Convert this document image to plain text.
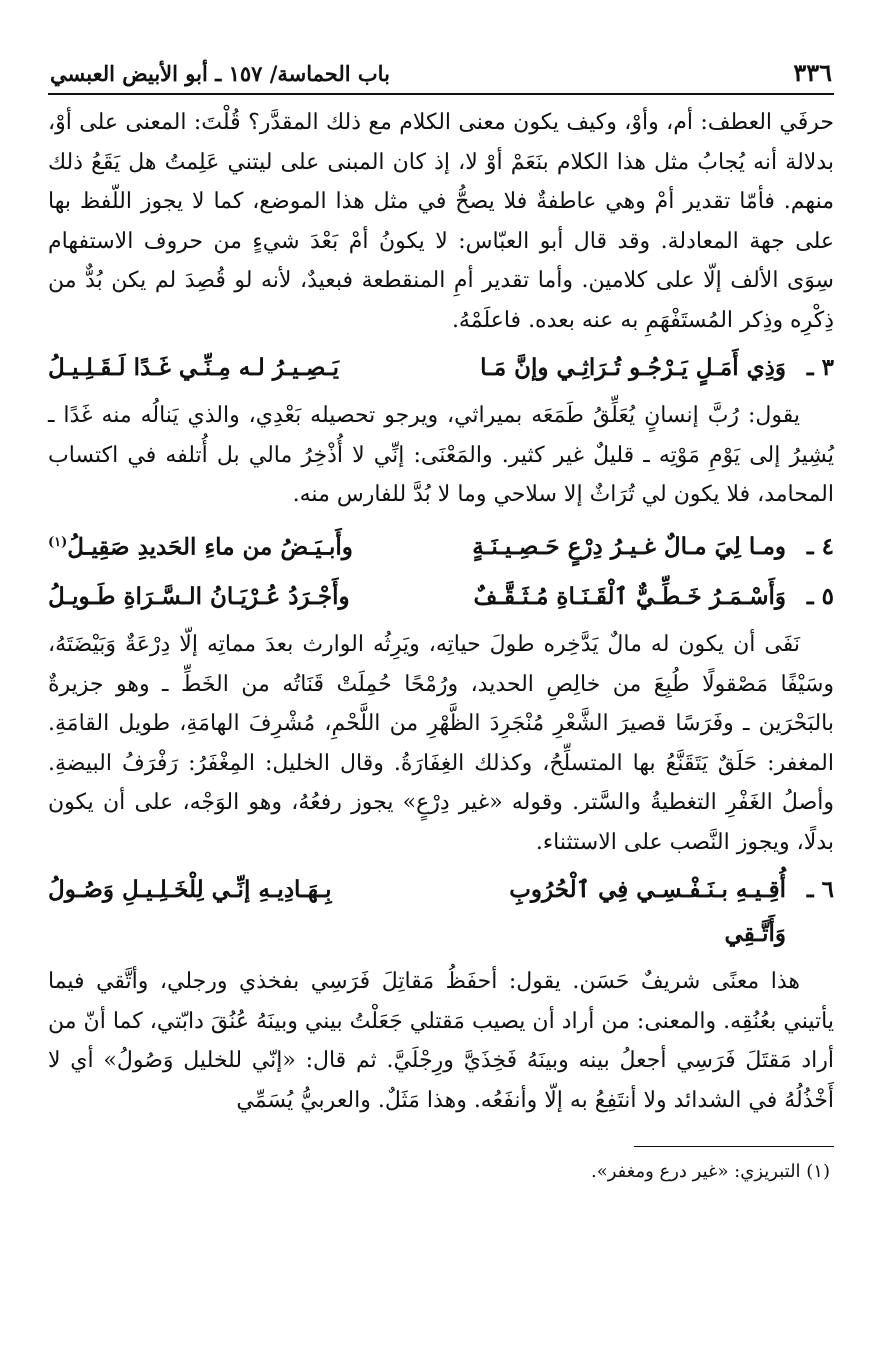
٣٣٦
باب الحماسة/ ١٥٧ ـ أبو الأبيض العبسي

حرفَي العطف: أم، وأوْ، وكيف يكون معنى الكلام مع ذلك المقدَّر؟ قُلْتَ: المعنى على أوْ، بدلالة أنه يُجابُ مثل هذا الكلام بنَعَمْ أوْ لا، إذ كان المبنى على ليتني عَلِمتُ هل يَقَعُ ذلك منهم. فأمّا تقدير أمْ وهي عاطفةٌ فلا يصحُّ في مثل هذا الموضع، كما لا يجوز اللّفظ بها على جهة المعادلة. وقد قال أبو العبّاس: لا يكونُ أمْ بَعْدَ شيءٍ من حروف الاستفهام سِوَى الألف إلّا على كلامين. وأما تقدير أمِ المنقطعة فبعيدٌ، لأنه لو قُصِدَ لم يكن بُدٌّ من ذِكْرِه وذِكر المُستَفْهَمِ به عنه بعده. فاعلَمْهُ.

٣ ـ
وَذِي أَمَـلٍ يَـرْجُـو تُـرَاثِـي وإنَّ مَـا
يَـصِـيـرُ لـه مِـنِّـي غَـدًا لَـقَـلِـيـلُ

يقول: رُبَّ إنسانٍ يُعَلِّقُ طَمَعَه بميراثي، ويرجو تحصيله بَعْدِي، والذي يَنالُه منه غَدًا ـ يُشِيرُ إلى يَوْمِ مَوْتِه ـ قليلٌ غير كثير. والمَعْنَى: إنِّي لا أُذْخِرُ مالي بل أُتلفه في اكتساب المحامد، فلا يكون لي تُرَاثٌ إلا سلاحي وما لا بُدَّ للفارس منه.

٤ ـ
ومـا لِيَ مـالٌ غـيـرُ دِرْعٍ حَـصِـيـنَـةٍ
وأَبـيَـضُ من ماءِ الحَديدِ صَقِيـلُ$^{(١)}$
٥ ـ
وَأَسْـمَـرُ خَـطِّـيٌّ ٱلْقَـنَـاةِ مُـثَـقَّـفٌ
وأَجْـرَدُ عُـرْيَـانُ الـسَّـرَاةِ طَـويـلُ

نَفَى أن يكون له مالٌ يَدَّخِره طولَ حياتِه، ويَرِثُه الوارث بعدَ مماتِه إلّا دِرْعَةٌ وَبَيْضَتَهُ، وسَيْفًا مَصْقولًا طُبِعَ من خالِصِ الحديد، ورُمْحًا حُمِلَتْ قَنَاتُه من الخَطِّ ـ وهو جزيرةٌ بالبَحْرَين ـ وفَرَسًا قصيرَ الشَّعْرِ مُنْجَرِدَ الظَّهْرِ من اللَّحْمِ، مُشْرِفَ الهامَةِ، طويل القامَةِ. المغفر: حَلَقٌ يَتَقَنَّعُ بها المتسلِّحُ، وكذلك الغِفَارَةُ. وقال الخليل: المِغْفَرُ: رَفْرَفُ البيضةِ. وأصلُ الغَفْرِ التغطيةُ والسَّتر. وقوله «غير دِرْعٍ» يجوز رفعُهُ، وهو الوَجْه، على أن يكون بدلًا، ويجوز النَّصب على الاستثناء.

٦ ـ
أُقِـيـهِ بـنَـفْـسِـي فِي ٱلْحُرُوبِ وَأَتَّـقِي
بِـهَـادِيـهِ إنِّـي لِلْخَـلِـيـلِ وَصُـولُ

هذا معنًى شريفٌ حَسَن. يقول: أحفَظُ مَقاتِلَ فَرَسِي بفخذي ورجلي، وأتَّقي فيما يأتيني بعُنُقِه. والمعنى: من أراد أن يصيب مَقتلي جَعَلْتُ بيني وبينَهُ عُنُقَ دابّتي، كما أنّ من أراد مَقتَلَ فَرَسِي أجعلُ بينه وبينَهُ فَخِذَيَّ ورِجْلَيَّ. ثم قال: «إنّي للخليل وَصُولُ» أي لا أَخْذُلُهُ في الشدائد ولا أنتَفِعُ به إلّا وأنفَعُه. وهذا مَثَلٌ. والعربيُّ يُسَمِّي

(١) التبريزي: «غير درع ومغفر».
